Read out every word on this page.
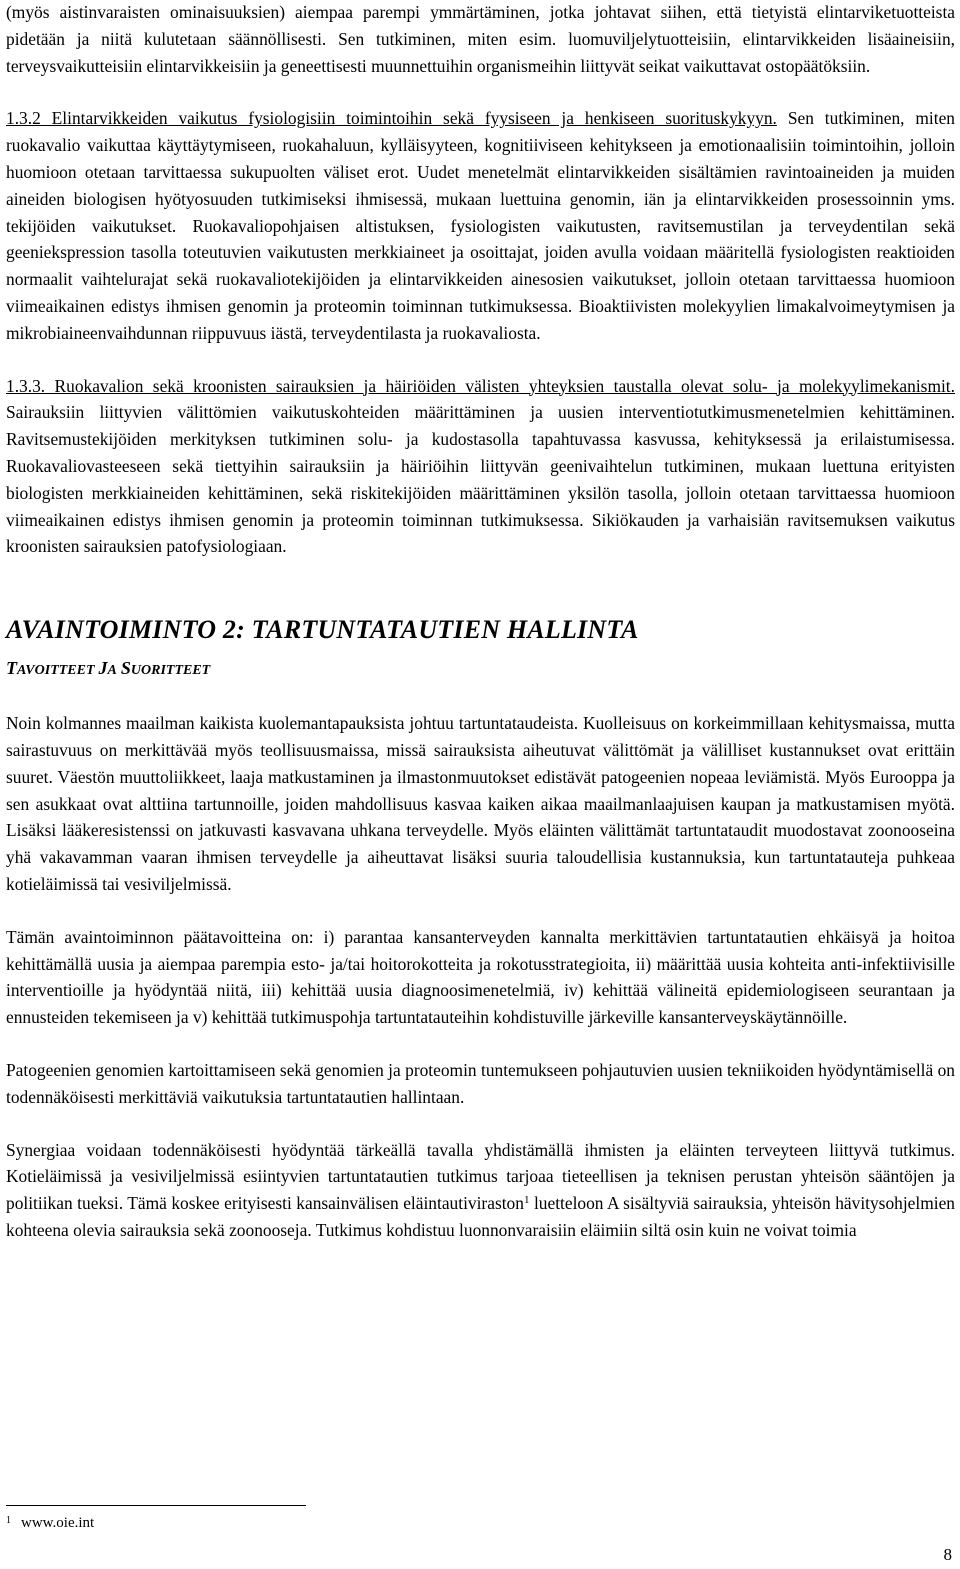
(myös aistinvaraisten ominaisuuksien) aiempaa parempi ymmärtäminen, jotka johtavat siihen, että tietyistä elintarviketuotteista pidetään ja niitä kulutetaan säännöllisesti. Sen tutkiminen, miten esim. luomuviljelytuotteisiin, elintarvikkeiden lisäaineisiin, terveysvaikutteisiin elintarvikkeisiin ja geneettisesti muunnettuihin organismeihin liittyvät seikat vaikuttavat ostopäätöksiin.

1.3.2 Elintarvikkeiden vaikutus fysiologisiin toimintoihin sekä fyysiseen ja henkiseen suorituskykyyn. Sen tutkiminen, miten ruokavalio vaikuttaa käyttäytymiseen, ruokahaluun, kylläisyyteen, kognitiiviseen kehitykseen ja emotionaalisiin toimintoihin, jolloin huomioon otetaan tarvittaessa sukupuolten väliset erot. Uudet menetelmät elintarvikkeiden sisältämien ravintoaineiden ja muiden aineiden biologisen hyötyosuuden tutkimiseksi ihmisessä, mukaan luettuina genomin, iän ja elintarvikkeiden prosessoinnin yms. tekijöiden vaikutukset. Ruokavaliopohjaisen altistuksen, fysiologisten vaikutusten, ravitsemustilan ja terveydentilan sekä geeniekspression tasolla toteutuvien vaikutusten merkkiaineet ja osoittajat, joiden avulla voidaan määritellä fysiologisten reaktioiden normaalit vaihtelurajat sekä ruokavaliotekijöiden ja elintarvikkeiden ainesosien vaikutukset, jolloin otetaan tarvittaessa huomioon viimeaikainen edistys ihmisen genomin ja proteomin toiminnan tutkimuksessa. Bioaktiivisten molekyylien limakalvoimeytymisen ja mikrobiaineenvaihdunnan riippuvuus iästä, terveydentilasta ja ruokavaliosta.

1.3.3. Ruokavalion sekä kroonisten sairauksien ja häiriöiden välisten yhteyksien taustalla olevat solu- ja molekyylimekanismit. Sairauksiin liittyvien välittömien vaikutuskohteiden määrittäminen ja uusien interventiotutkimusmenetelmien kehittäminen. Ravitsemustekijöiden merkityksen tutkiminen solu- ja kudostasolla tapahtuvassa kasvussa, kehityksessä ja erilaistumisessa. Ruokavaliovasteeseen sekä tiettyihin sairauksiin ja häiriöihin liittyvän geenivaihtelun tutkiminen, mukaan luettuna erityisten biologisten merkkiaineiden kehittäminen, sekä riskitekijöiden määrittäminen yksilön tasolla, jolloin otetaan tarvittaessa huomioon viimeaikainen edistys ihmisen genomin ja proteomin toiminnan tutkimuksessa. Sikiökauden ja varhaisiän ravitsemuksen vaikutus kroonisten sairauksien patofysiologiaan.

AVAINTOIMINTO 2: TARTUNTATAUTIEN HALLINTA

TAVOITTEET JA SUORITTEET

Noin kolmannes maailman kaikista kuolemantapauksista johtuu tartuntataudeista. Kuolleisuus on korkeimmillaan kehitysmaissa, mutta sairastuvuus on merkittävää myös teollisuusmaissa, missä sairauksista aiheutuvat välittömät ja välilliset kustannukset ovat erittäin suuret. Väestön muuttoliikkeet, laaja matkustaminen ja ilmastonmuutokset edistävät patogeenien nopeaa leviämistä. Myös Eurooppa ja sen asukkaat ovat alttiina tartunnoille, joiden mahdollisuus kasvaa kaiken aikaa maailmanlaajuisen kaupan ja matkustamisen myötä. Lisäksi lääkeresistenssi on jatkuvasti kasvavana uhkana terveydelle. Myös eläinten välittämät tartuntataudit muodostavat zoonooseina yhä vakavamman vaaran ihmisen terveydelle ja aiheuttavat lisäksi suuria taloudellisia kustannuksia, kun tartuntatauteja puhkeaa kotieläimissä tai vesiviljelmissä.

Tämän avaintoiminnon päätavoitteina on: i) parantaa kansanterveyden kannalta merkittävien tartuntatautien ehkäisyä ja hoitoa kehittämällä uusia ja aiempaa parempia esto- ja/tai hoitorokotteita ja rokotusstrategioita, ii) määrittää uusia kohteita anti-infektiivisille interventioille ja hyödyntää niitä, iii) kehittää uusia diagnoosimenetelmiä, iv) kehittää välineitä epidemiologiseen seurantaan ja ennusteiden tekemiseen ja v) kehittää tutkimuspohja tartuntatauteihin kohdistuville järkeville kansanterveyskäytännöille.

Patogeenien genomien kartoittamiseen sekä genomien ja proteomin tuntemukseen pohjautuvien uusien tekniikoiden hyödyntämisellä on todennäköisesti merkittäviä vaikutuksia tartuntatautien hallintaan.

Synergiaa voidaan todennäköisesti hyödyntää tärkeällä tavalla yhdistämällä ihmisten ja eläinten terveyteen liittyvä tutkimus. Kotieläimissä ja vesiviljelmissä esiintyvien tartuntatautien tutkimus tarjoaa tieteellisen ja teknisen perustan yhteisön sääntöjen ja politiikan tueksi. Tämä koskee erityisesti kansainvälisen eläintautiviraston$^1$ luetteloon A sisältyviä sairauksia, yhteisön hävitysohjelmien kohteena olevia sairauksia sekä zoonooseja. Tutkimus kohdistuu luonnonvaraisiin eläimiin siltä osin kuin ne voivat toimia

$^1$ www.oie.int
8
